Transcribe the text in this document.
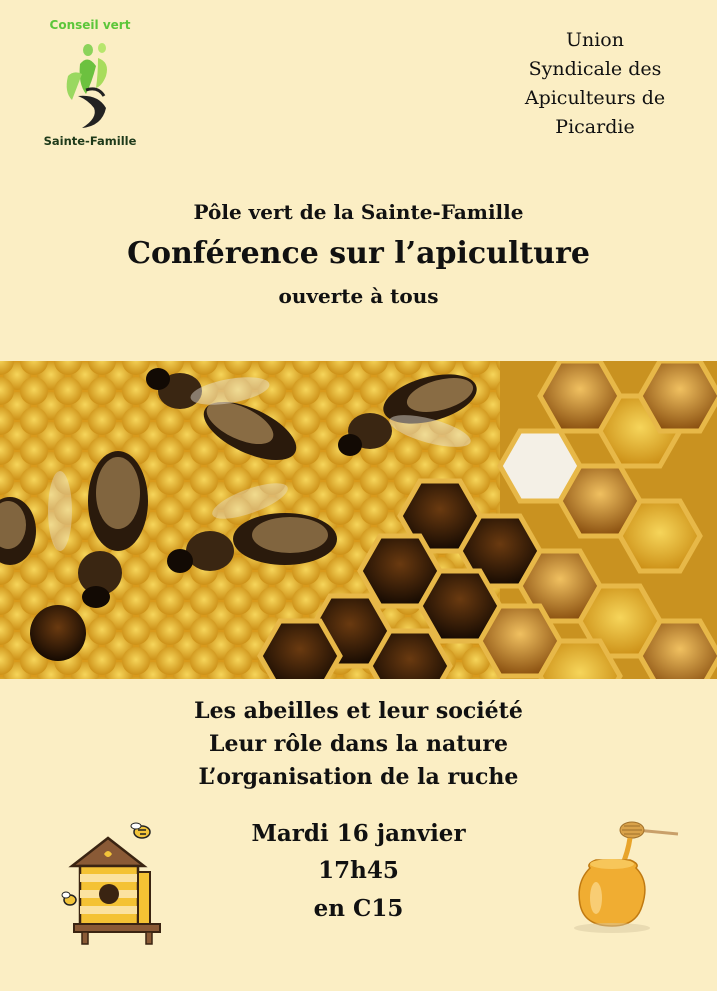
Conseil vert
Sainte-Famille
Union
Syndicale des
Apiculteurs de
Picardie
Pôle vert de la Sainte-Famille
Conférence sur l’apiculture
ouverte à tous
Les abeilles et leur société
Leur rôle dans la nature
L’organisation de la ruche
Mardi 16 janvier
17h45
en C15
